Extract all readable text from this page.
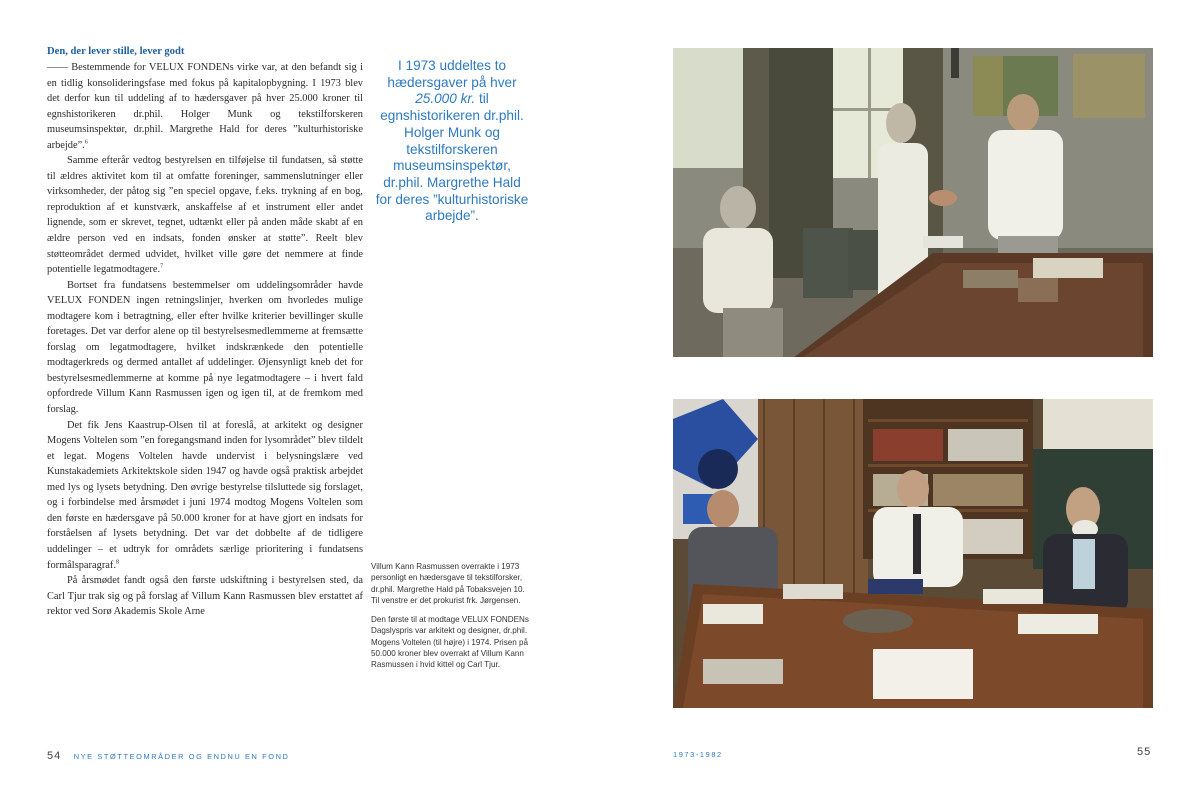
Den, der lever stille, lever godt

—— Bestemmende for VELUX FONDENs virke var, at den befandt sig i en tidlig konsolideringsfase med fokus på kapitalopbygning. I 1973 blev det derfor kun til uddeling af to hædersgaver på hver 25.000 kroner til egnshistorikeren dr.phil. Holger Munk og tekstilforskeren museumsinspektør, dr.phil. Margrethe Hald for deres ”kulturhistoriske arbejde”.$^6$

Samme efterår vedtog bestyrelsen en tilføjelse til fundatsen, så støtte til ældres aktivitet kom til at omfatte foreninger, sammenslutninger eller virksomheder, der påtog sig ”en speciel opgave, f.eks. trykning af en bog, reproduktion af et kunstværk, anskaffelse af et instrument eller andet lignende, som er skrevet, tegnet, udtænkt eller på anden måde skabt af en ældre person ved en indsats, fonden ønsker at støtte”. Reelt blev støtteområdet dermed udvidet, hvilket ville gøre det nemmere at finde potentielle legatmodtagere.$^7$

Bortset fra fundatsens bestemmelser om uddelingsområder havde VELUX FONDEN ingen retningslinjer, hverken om hvorledes mulige modtagere kom i betragtning, eller efter hvilke kriterier bevillinger skulle foretages. Det var derfor alene op til bestyrelsesmedlemmerne at fremsætte forslag om legatmodtagere, hvilket indskrænkede den potentielle modtagerkreds og dermed antallet af uddelinger. Øjensynligt kneb det for bestyrelsesmedlemmerne at komme på nye legatmodtagere – i hvert fald opfordrede Villum Kann Rasmussen igen og igen til, at de fremkom med forslag.

Det fik Jens Kaastrup-Olsen til at foreslå, at arkitekt og designer Mogens Voltelen som ”en foregangsmand inden for lysområdet” blev tildelt et legat. Mogens Voltelen havde undervist i belysningslære ved Kunstakademiets Arkitektskole siden 1947 og havde også praktisk arbejdet med lys og lysets betydning. Den øvrige bestyrelse tilsluttede sig forslaget, og i forbindelse med årsmødet i juni 1974 modtog Mogens Voltelen som den første en hædersgave på 50.000 kroner for at have gjort en indsats for forståelsen af lysets betydning. Det var det dobbelte af de tidligere uddelinger – et udtryk for områdets særlige prioritering i fundatsens formålsparagraf.$^8$

På årsmødet fandt også den første udskiftning i bestyrelsen sted, da Carl Tjur trak sig og på forslag af Villum Kann Rasmussen blev erstattet af rektor ved Sorø Akademis Skole Arne

I 1973 uddeltes to hædersgaver på hver 25.000 kr. til egnshistorikeren dr.phil. Holger Munk og tekstilforskeren museumsinspektør, dr.phil. Margrethe Hald for deres ”kulturhistoriske arbejde”.

Villum Kann Rasmussen overrakte i 1973 personligt en hædersgave til tekstilforsker, dr.phil. Margrethe Hald på Tobaksvejen 10. Til venstre er det prokurist frk. Jørgensen.

Den første til at modtage VELUX FONDENs Dagslyspris var arkitekt og designer, dr.phil. Mogens Voltelen (til højre) i 1974. Prisen på 50.000 kroner blev overrakt af Villum Kann Rasmussen i hvid kittel og Carl Tjur.

54 NYE STØTTEOMRÅDER OG ENDNU EN FOND	1973-1982	55
